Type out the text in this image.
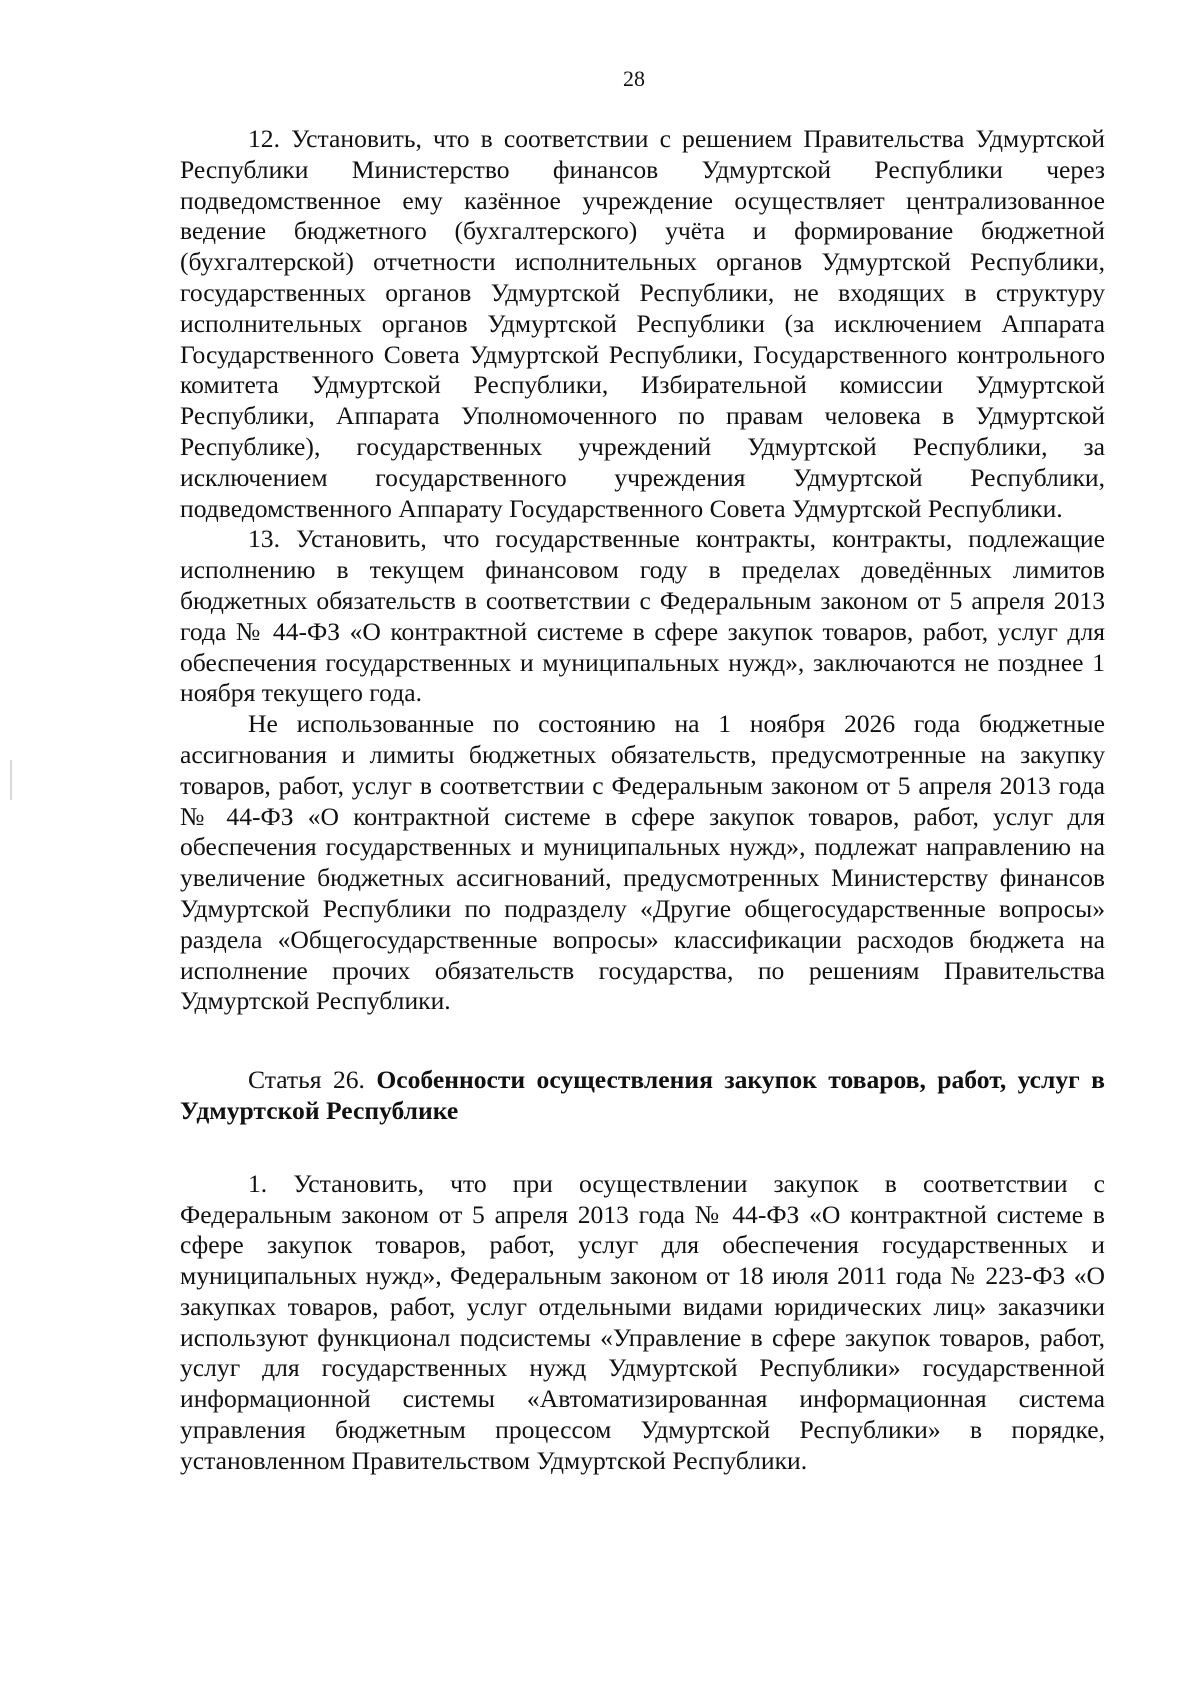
28

12. Установить, что в соответствии с решением Правительства Удмуртской Республики Министерство финансов Удмуртской Республики через подведомственное ему казённое учреждение осуществляет централизованное ведение бюджетного (бухгалтерского) учёта и формирование бюджетной (бухгалтерской) отчетности исполнительных органов Удмуртской Республики, государственных органов Удмуртской Республики, не входящих в структуру исполнительных органов Удмуртской Республики (за исключением Аппарата Государственного Совета Удмуртской Республики, Государственного контрольного комитета Удмуртской Республики, Избирательной комиссии Удмуртской Республики, Аппарата Уполномоченного по правам человека в Удмуртской Республике), государственных учреждений Удмуртской Республики, за исключением государственного учреждения Удмуртской Республики, подведомственного Аппарату Государственного Совета Удмуртской Республики.

13. Установить, что государственные контракты, контракты, подлежащие исполнению в текущем финансовом году в пределах доведённых лимитов бюджетных обязательств в соответствии с Федеральным законом от 5 апреля 2013 года № 44-ФЗ «О контрактной системе в сфере закупок товаров, работ, услуг для обеспечения государственных и муниципальных нужд», заключаются не позднее 1 ноября текущего года.

Не использованные по состоянию на 1 ноября 2026 года бюджетные ассигнования и лимиты бюджетных обязательств, предусмотренные на закупку товаров, работ, услуг в соответствии с Федеральным законом от 5 апреля 2013 года № 44-ФЗ «О контрактной системе в сфере закупок товаров, работ, услуг для обеспечения государственных и муниципальных нужд», подлежат направлению на увеличение бюджетных ассигнований, предусмотренных Министерству финансов Удмуртской Республики по подразделу «Другие общегосударственные вопросы» раздела «Общегосударственные вопросы» классификации расходов бюджета на исполнение прочих обязательств государства, по решениям Правительства Удмуртской Республики.

Статья 26. Особенности осуществления закупок товаров, работ, услуг в Удмуртской Республике

1. Установить, что при осуществлении закупок в соответствии с Федеральным законом от 5 апреля 2013 года № 44-ФЗ «О контрактной системе в сфере закупок товаров, работ, услуг для обеспечения государственных и муниципальных нужд», Федеральным законом от 18 июля 2011 года № 223-ФЗ «О закупках товаров, работ, услуг отдельными видами юридических лиц» заказчики используют функционал подсистемы «Управление в сфере закупок товаров, работ, услуг для государственных нужд Удмуртской Республики» государственной информационной системы «Автоматизированная информационная система управления бюджетным процессом Удмуртской Республики» в порядке, установленном Правительством Удмуртской Республики.
